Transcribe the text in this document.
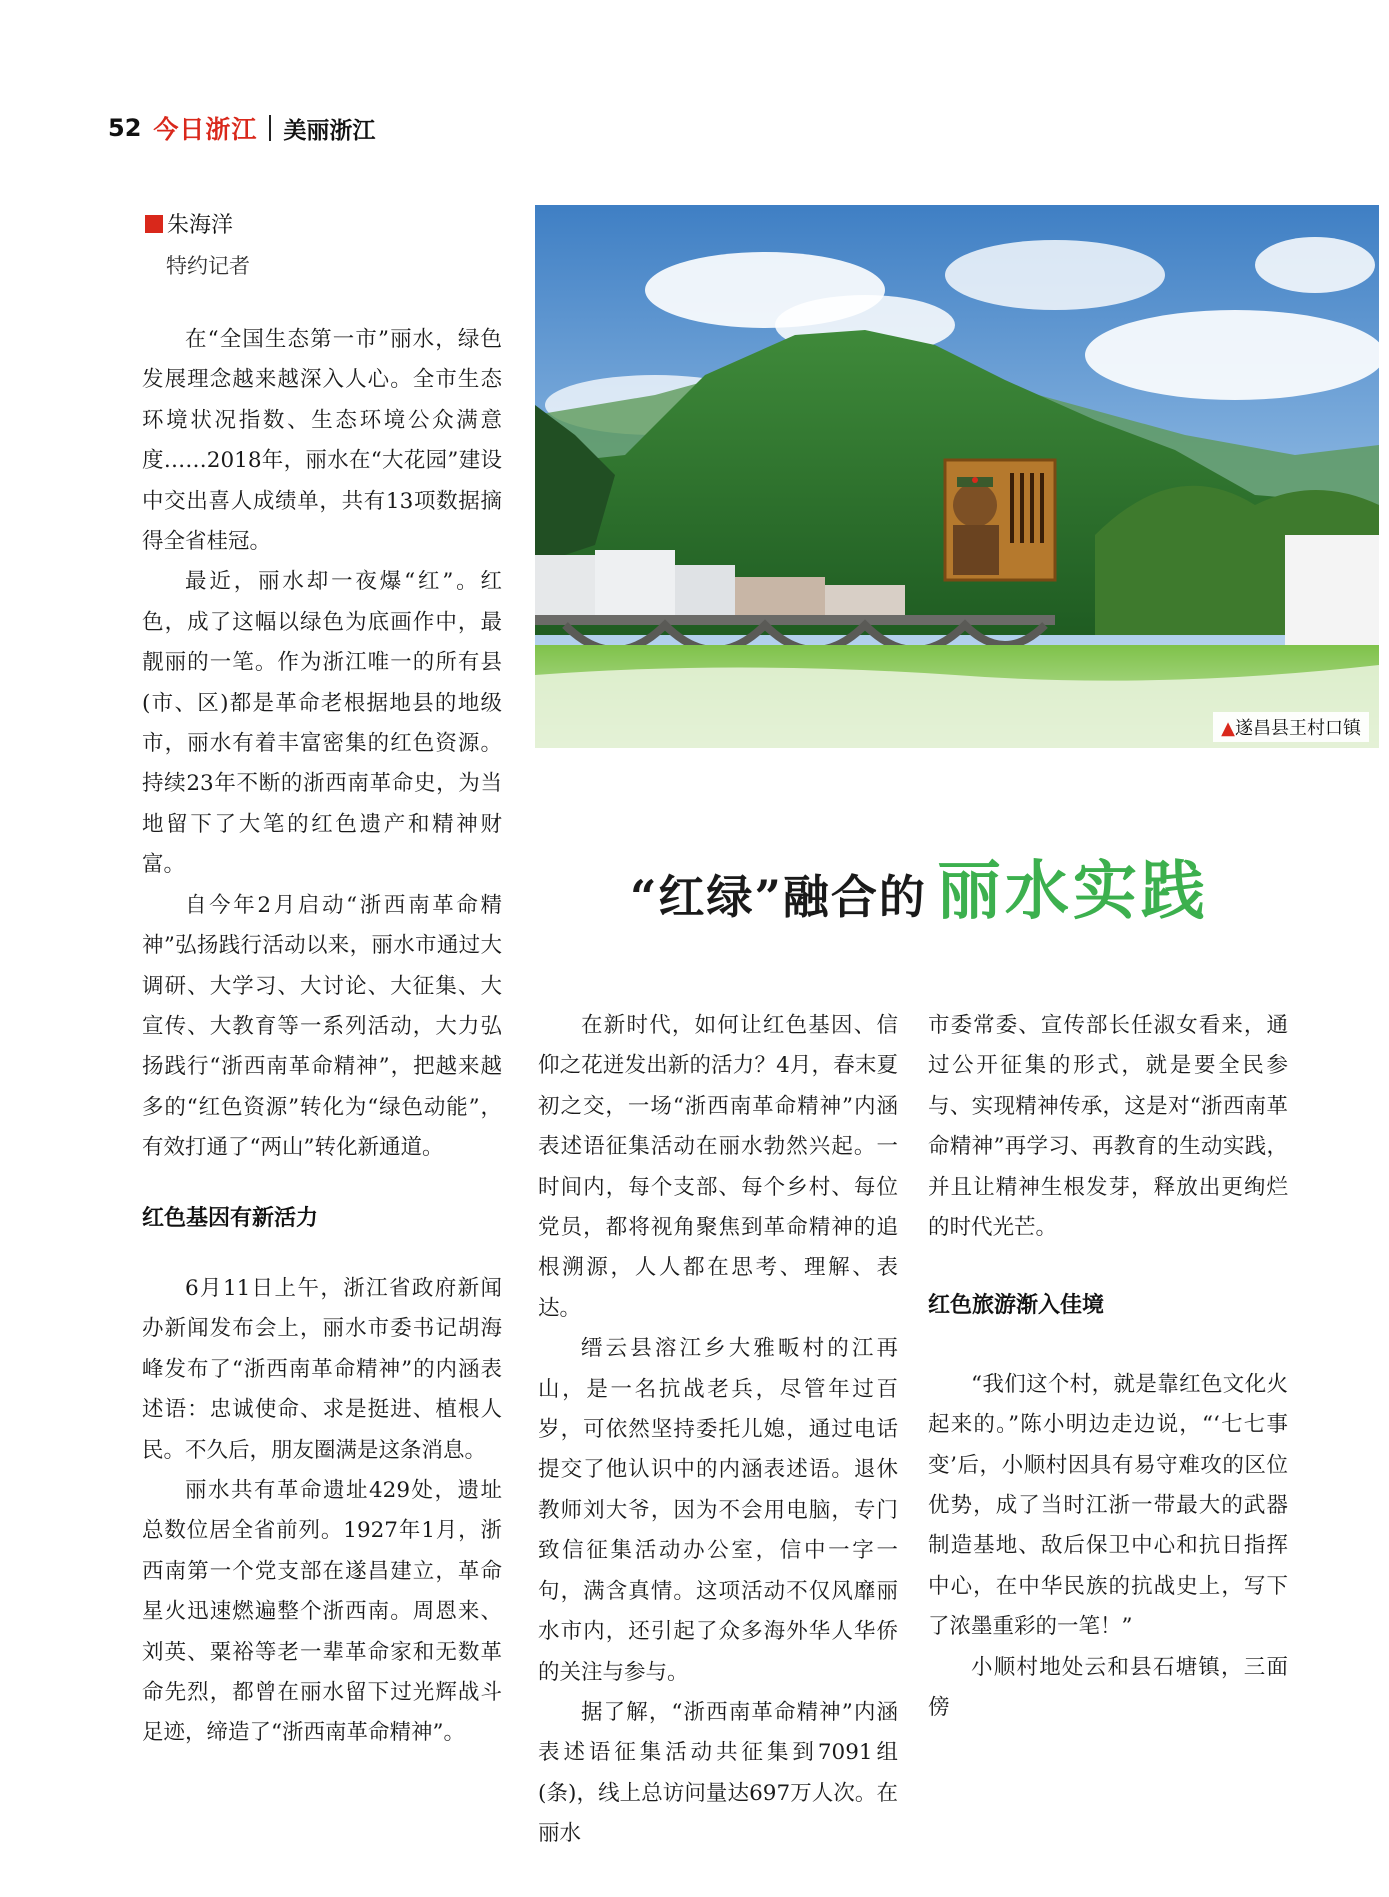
52 今日浙江 美丽浙江
朱海洋
特约记者

在“全国生态第一市”丽水，绿色发展理念越来越深入人心。全市生态环境状况指数、生态环境公众满意度……2018年，丽水在“大花园”建设中交出喜人成绩单，共有13项数据摘得全省桂冠。

最近，丽水却一夜爆“红”。红色，成了这幅以绿色为底画作中，最靓丽的一笔。作为浙江唯一的所有县(市、区)都是革命老根据地县的地级市，丽水有着丰富密集的红色资源。持续23年不断的浙西南革命史，为当地留下了大笔的红色遗产和精神财富。

自今年2月启动“浙西南革命精神”弘扬践行活动以来，丽水市通过大调研、大学习、大讨论、大征集、大宣传、大教育等一系列活动，大力弘扬践行“浙西南革命精神”，把越来越多的“红色资源”转化为“绿色动能”，有效打通了“两山”转化新通道。

红色基因有新活力

6月11日上午，浙江省政府新闻办新闻发布会上，丽水市委书记胡海峰发布了“浙西南革命精神”的内涵表述语：忠诚使命、求是挺进、植根人民。不久后，朋友圈满是这条消息。

丽水共有革命遗址429处，遗址总数位居全省前列。1927年1月，浙西南第一个党支部在遂昌建立，革命星火迅速燃遍整个浙西南。周恩来、刘英、粟裕等老一辈革命家和无数革命先烈，都曾在丽水留下过光辉战斗足迹，缔造了“浙西南革命精神”。

▲遂昌县王村口镇
“红绿”融合的 丽水实践

在新时代，如何让红色基因、信仰之花迸发出新的活力？4月，春末夏初之交，一场“浙西南革命精神”内涵表述语征集活动在丽水勃然兴起。一时间内，每个支部、每个乡村、每位党员，都将视角聚焦到革命精神的追根溯源，人人都在思考、理解、表达。

缙云县溶江乡大雅畈村的江再山，是一名抗战老兵，尽管年过百岁，可依然坚持委托儿媳，通过电话提交了他认识中的内涵表述语。退休教师刘大爷，因为不会用电脑，专门致信征集活动办公室，信中一字一句，满含真情。这项活动不仅风靡丽水市内，还引起了众多海外华人华侨的关注与参与。

据了解，“浙西南革命精神”内涵表述语征集活动共征集到7091组(条)，线上总访问量达697万人次。在丽水

市委常委、宣传部长任淑女看来，通过公开征集的形式，就是要全民参与、实现精神传承，这是对“浙西南革命精神”再学习、再教育的生动实践，并且让精神生根发芽，释放出更绚烂的时代光芒。

红色旅游渐入佳境

“我们这个村，就是靠红色文化火起来的。”陈小明边走边说，“‘七七事变’后，小顺村因具有易守难攻的区位优势，成了当时江浙一带最大的武器制造基地、敌后保卫中心和抗日指挥中心，在中华民族的抗战史上，写下了浓墨重彩的一笔！”

小顺村地处云和县石塘镇，三面傍
